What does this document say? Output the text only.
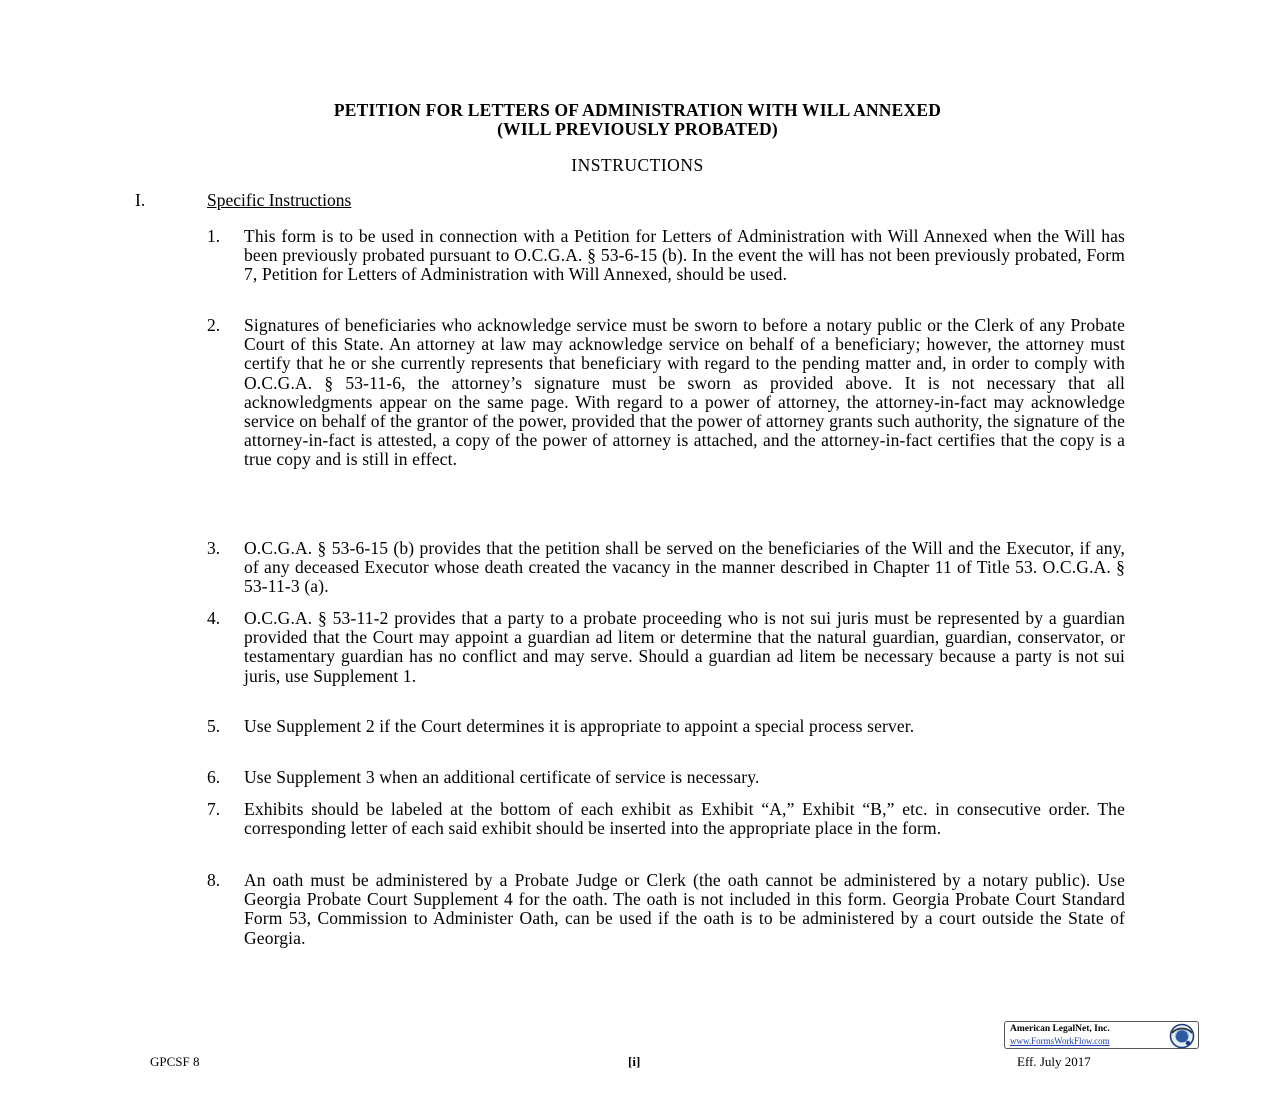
PETITION FOR LETTERS OF ADMINISTRATION WITH WILL ANNEXED
(WILL PREVIOUSLY PROBATED)
INSTRUCTIONS
I.	Specific Instructions
1. This form is to be used in connection with a Petition for Letters of Administration with Will Annexed when the Will has been previously probated pursuant to O.C.G.A. § 53-6-15 (b). In the event the will has not been previously probated, Form 7, Petition for Letters of Administration with Will Annexed, should be used.
2. Signatures of beneficiaries who acknowledge service must be sworn to before a notary public or the Clerk of any Probate Court of this State. An attorney at law may acknowledge service on behalf of a beneficiary; however, the attorney must certify that he or she currently represents that beneficiary with regard to the pending matter and, in order to comply with O.C.G.A. § 53-11-6, the attorney’s signature must be sworn as provided above. It is not necessary that all acknowledgments appear on the same page. With regard to a power of attorney, the attorney-in-fact may acknowledge service on behalf of the grantor of the power, provided that the power of attorney grants such authority, the signature of the attorney-in-fact is attested, a copy of the power of attorney is attached, and the attorney-in-fact certifies that the copy is a true copy and is still in effect.
3. O.C.G.A. § 53-6-15 (b) provides that the petition shall be served on the beneficiaries of the Will and the Executor, if any, of any deceased Executor whose death created the vacancy in the manner described in Chapter 11 of Title 53. O.C.G.A. § 53-11-3 (a).
4. O.C.G.A. § 53-11-2 provides that a party to a probate proceeding who is not sui juris must be represented by a guardian provided that the Court may appoint a guardian ad litem or determine that the natural guardian, guardian, conservator, or testamentary guardian has no conflict and may serve. Should a guardian ad litem be necessary because a party is not sui juris, use Supplement 1.
5. Use Supplement 2 if the Court determines it is appropriate to appoint a special process server.
6. Use Supplement 3 when an additional certificate of service is necessary.
7. Exhibits should be labeled at the bottom of each exhibit as Exhibit “A,” Exhibit “B,” etc. in consecutive order. The corresponding letter of each said exhibit should be inserted into the appropriate place in the form.
8. An oath must be administered by a Probate Judge or Clerk (the oath cannot be administered by a notary public). Use Georgia Probate Court Supplement 4 for the oath. The oath is not included in this form. Georgia Probate Court Standard Form 53, Commission to Administer Oath, can be used if the oath is to be administered by a court outside the State of Georgia.
American LegalNet, Inc.
www.FormsWorkFlow.com
GPCSF 8	[i]	Eff. July 2017
